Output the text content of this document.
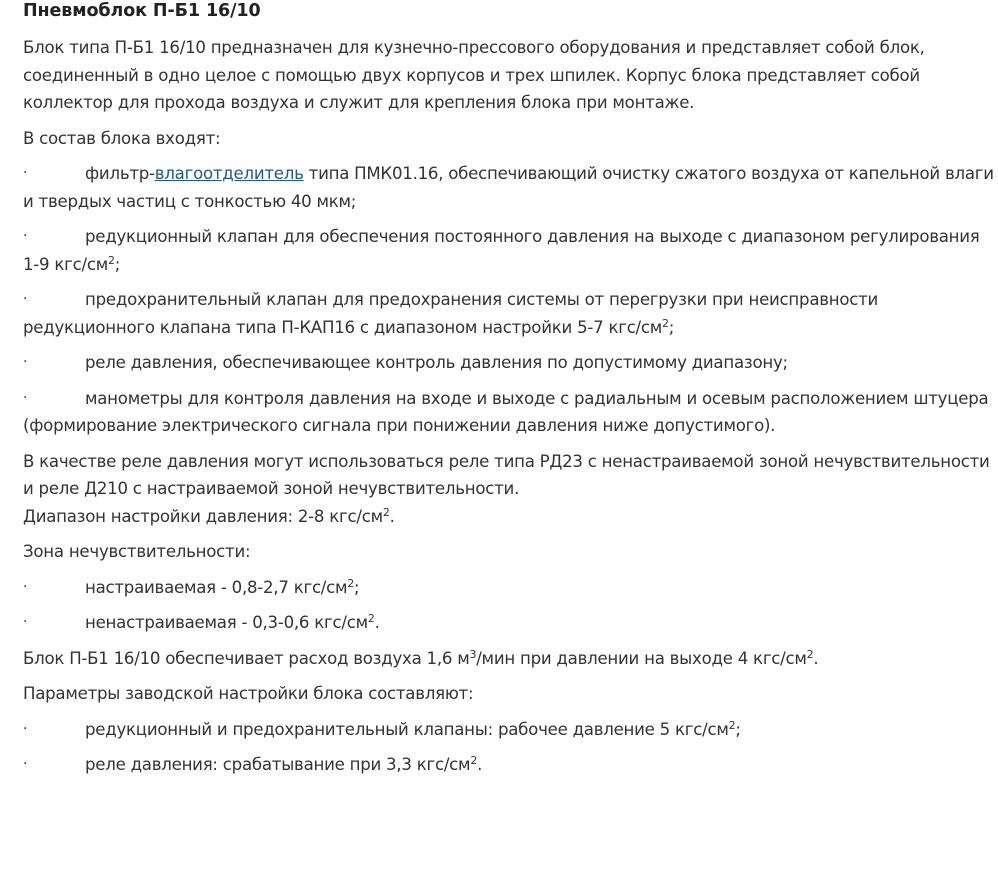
Пневмоблок П-Б1 16/10

Блок типа П-Б1 16/10 предназначен для кузнечно-прессового оборудования и представляет собой блок, соединенный в одно целое с помощью двух корпусов и трех шпилек. Корпус блока представляет собой коллектор для прохода воздуха и служит для крепления блока при монтаже.

В состав блока входят:

·	фильтр-влагоотделитель типа ПМК01.16, обеспечивающий очистку сжатого воздуха от капельной влаги и твердых частиц с тонкостью 40 мкм;

·	редукционный клапан для обеспечения постоянного давления на выходе с диапазоном регулирования 1-9 кгс/$см^2$;

·	предохранительный клапан для предохранения системы от перегрузки при неисправности редукционного клапана типа П-КАП16 с диапазоном настройки 5-7 кгс/$см^2$;

·	реле давления, обеспечивающее контроль давления по допустимому диапазону;

·	манометры для контроля давления на входе и выходе с радиальным и осевым расположением штуцера (формирование электрического сигнала при понижении давления ниже допустимого).

В качестве реле давления могут использоваться реле типа РД23 с ненастраиваемой зоной нечувствительности и реле Д210 с настраиваемой зоной нечувствительности.

Диапазон настройки давления: 2-8 кгс/$см^2$.

Зона нечувствительности:

·	настраиваемая - 0,8-2,7 кгс/$см^2$;

·	ненастраиваемая - 0,3-0,6 кгс/$см^2$.

Блок П-Б1 16/10 обеспечивает расход воздуха 1,6 $м^3$/мин при давлении на выходе 4 кгс/$см^2$.

Параметры заводской настройки блока составляют:

·	редукционный и предохранительный клапаны: рабочее давление 5 кгс/$см^2$;

·	реле давления: срабатывание при 3,3 кгс/$см^2$.
